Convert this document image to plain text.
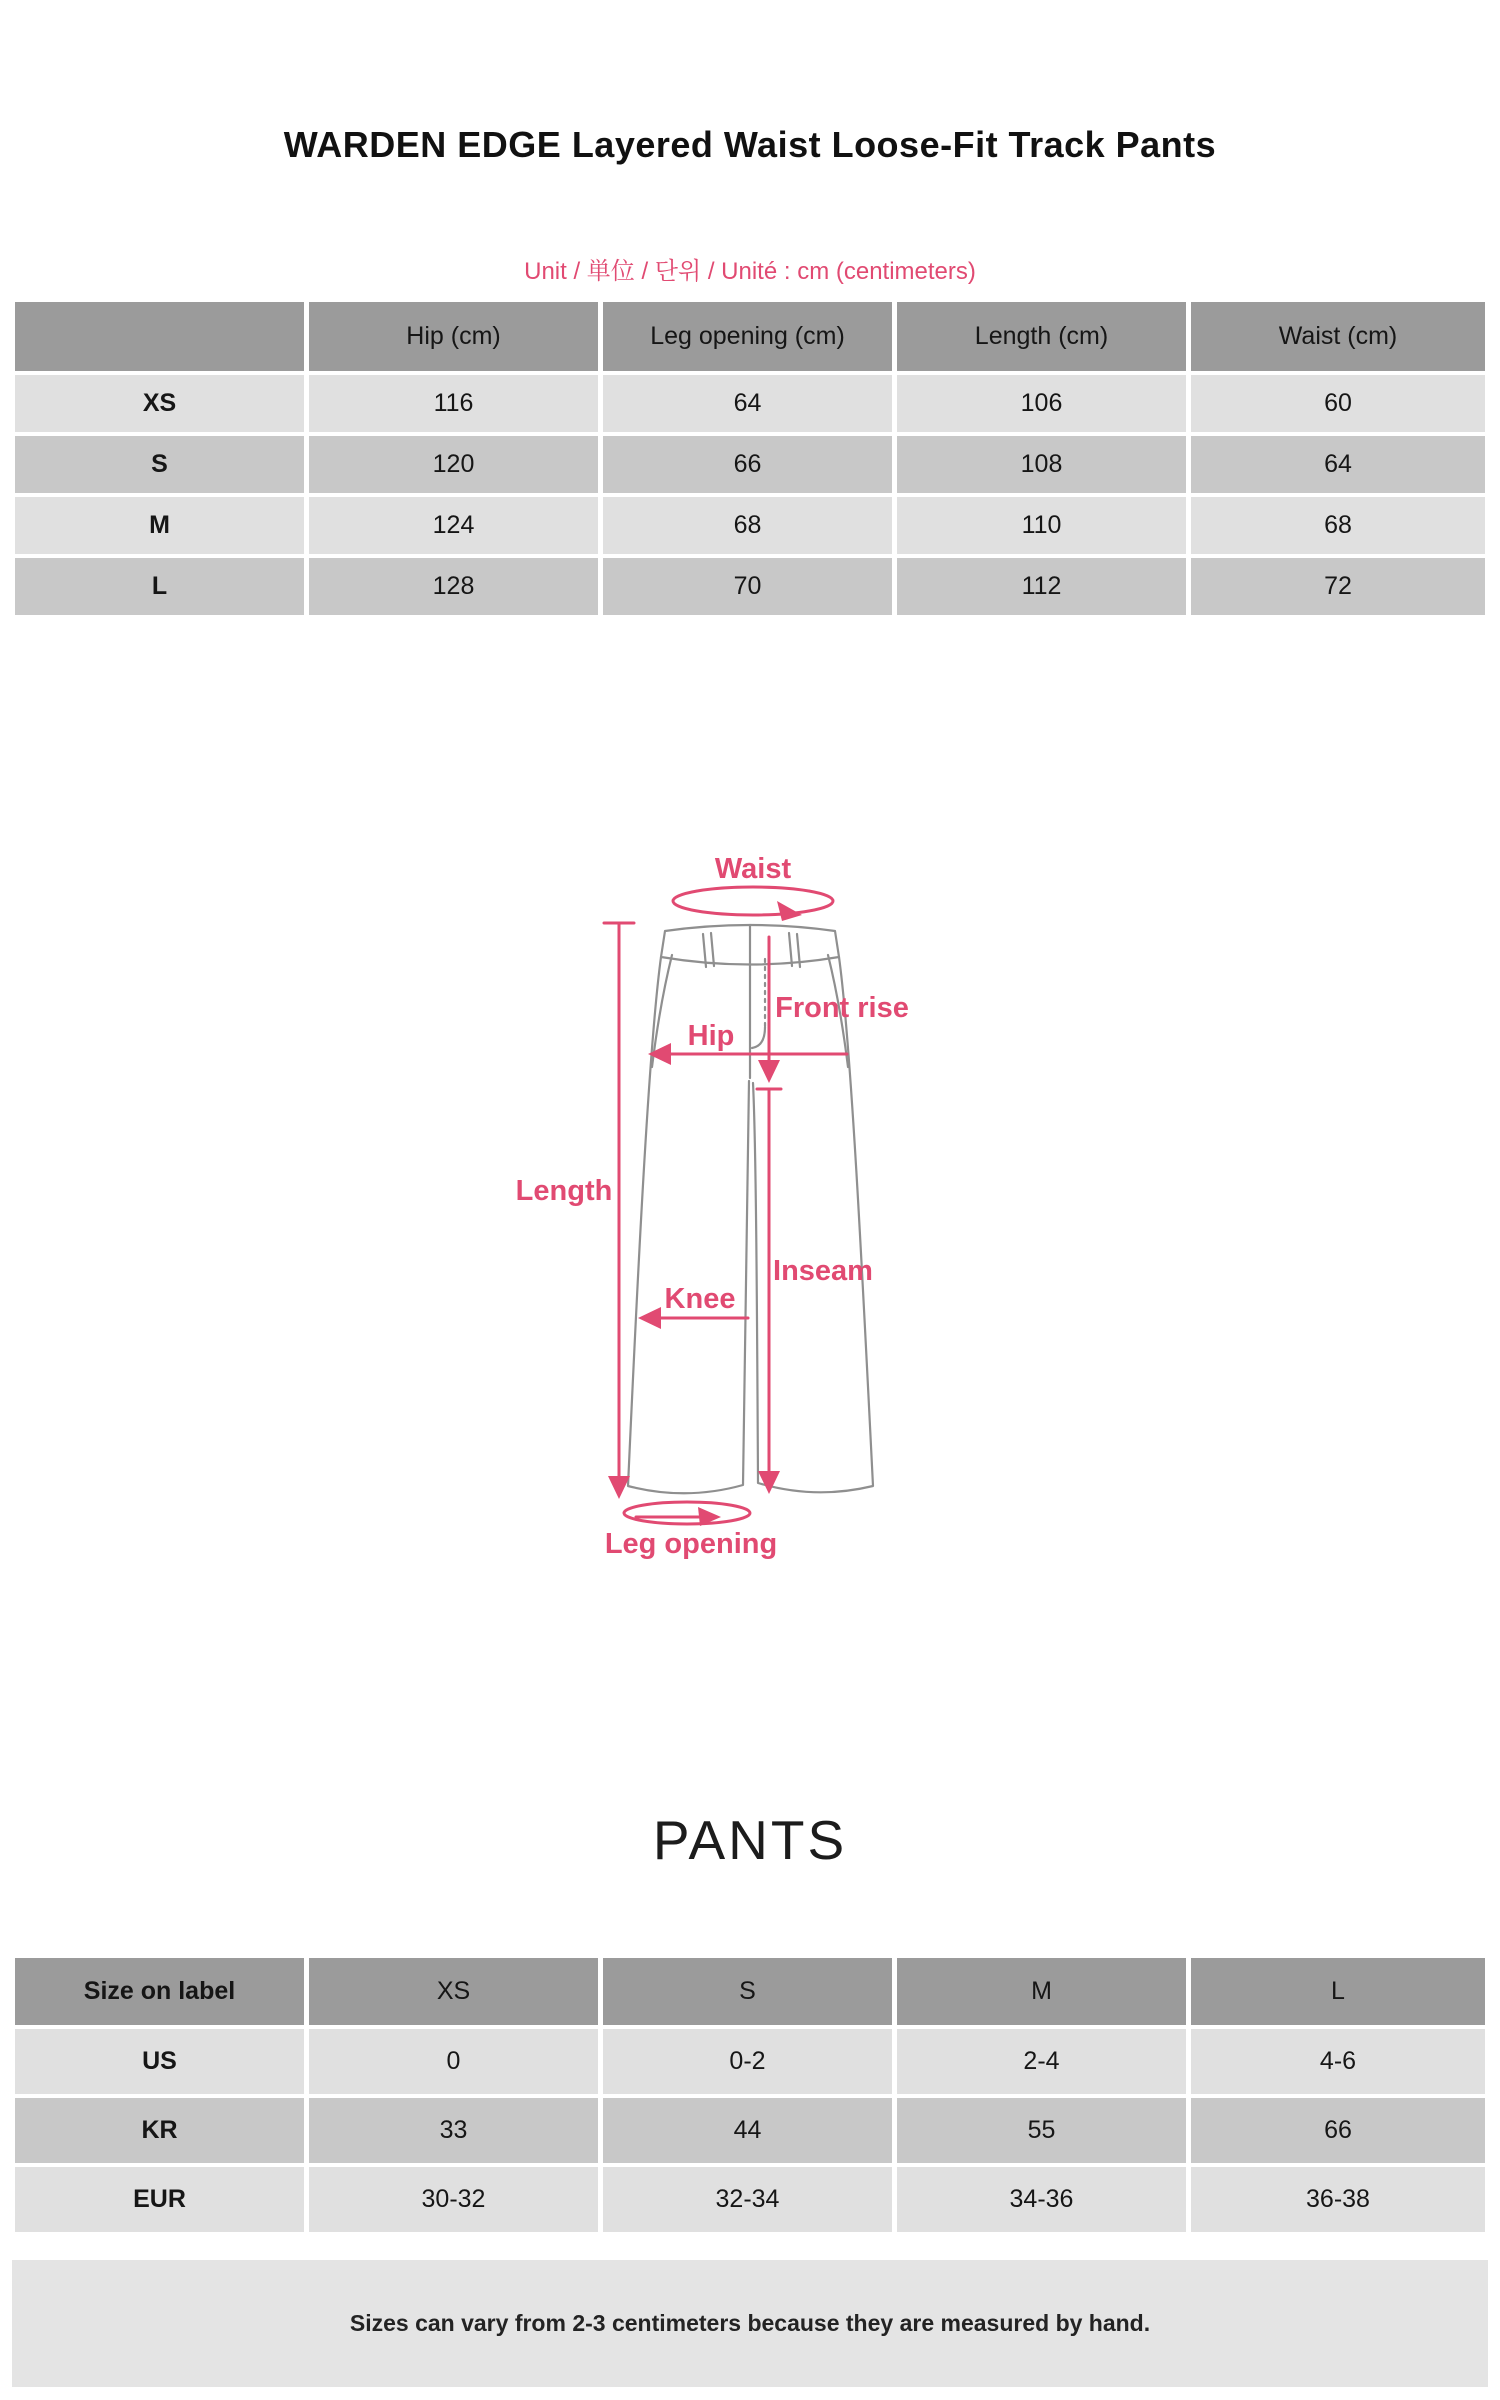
WARDEN EDGE Layered Waist Loose-Fit Track Pants
Unit / 単位 / 단위 / Unité : cm (centimeters)
	Hip (cm)	Leg opening (cm)	Length (cm)	Waist (cm)
XS	116	64	106	60
S	120	66	108	64
M	124	68	110	68
L	128	70	112	72
Waist
Length
Hip
Front rise
Inseam
Knee
Leg opening
PANTS
Size on label	XS	S	M	L
US	0	0-2	2-4	4-6
KR	33	44	55	66
EUR	30-32	32-34	34-36	36-38
Sizes can vary from 2-3 centimeters because they are measured by hand.
